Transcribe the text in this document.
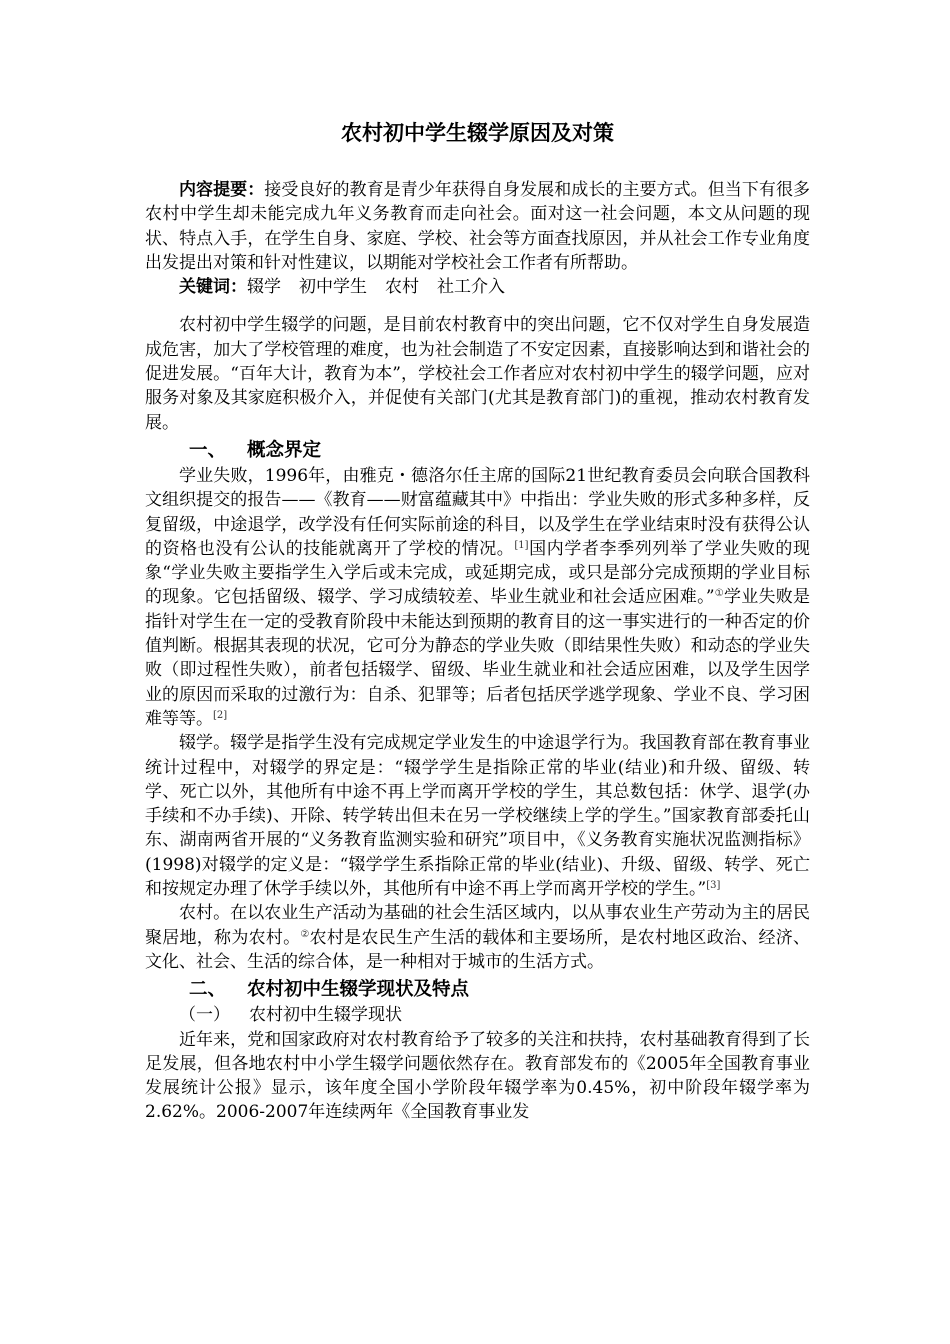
农村初中学生辍学原因及对策

内容提要：接受良好的教育是青少年获得自身发展和成长的主要方式。但当下有很多农村中学生却未能完成九年义务教育而走向社会。面对这一社会问题，本文从问题的现状、特点入手，在学生自身、家庭、学校、社会等方面查找原因，并从社会工作专业角度出发提出对策和针对性建议，以期能对学校社会工作者有所帮助。

关键词：辍学 初中学生 农村 社工介入

农村初中学生辍学的问题，是目前农村教育中的突出问题，它不仅对学生自身发展造成危害，加大了学校管理的难度，也为社会制造了不安定因素，直接影响达到和谐社会的促进发展。“百年大计，教育为本”，学校社会工作者应对农村初中学生的辍学问题，应对服务对象及其家庭积极介入，并促使有关部门(尤其是教育部门)的重视，推动农村教育发展。

一、 概念界定

学业失败，1996年，由雅克・德洛尔任主席的国际21世纪教育委员会向联合国教科文组织提交的报告——《教育——财富蕴藏其中》中指出：学业失败的形式多种多样，反复留级，中途退学，改学没有任何实际前途的科目，以及学生在学业结束时没有获得公认的资格也没有公认的技能就离开了学校的情况。[1]国内学者李季列列举了学业失败的现象“学业失败主要指学生入学后或未完成，或延期完成，或只是部分完成预期的学业目标的现象。它包括留级、辍学、学习成绩较差、毕业生就业和社会适应困难。”①学业失败是指针对学生在一定的受教育阶段中未能达到预期的教育目的这一事实进行的一种否定的价值判断。根据其表现的状况，它可分为静态的学业失败（即结果性失败）和动态的学业失败（即过程性失败），前者包括辍学、留级、毕业生就业和社会适应困难，以及学生因学业的原因而采取的过激行为：自杀、犯罪等；后者包括厌学逃学现象、学业不良、学习困难等等。[2]

辍学。辍学是指学生没有完成规定学业发生的中途退学行为。我国教育部在教育事业统计过程中，对辍学的界定是：“辍学学生是指除正常的毕业(结业)和升级、留级、转学、死亡以外，其他所有中途不再上学而离开学校的学生，其总数包括：休学、退学(办手续和不办手续)、开除、转学转出但未在另一学校继续上学的学生。”国家教育部委托山东、湖南两省开展的“义务教育监测实验和研究”项目中，《义务教育实施状况监测指标》(1998)对辍学的定义是：“辍学学生系指除正常的毕业(结业)、升级、留级、转学、死亡和按规定办理了休学手续以外，其他所有中途不再上学而离开学校的学生。”[3]

农村。在以农业生产活动为基础的社会生活区域内，以从事农业生产劳动为主的居民聚居地，称为农村。②农村是农民生产生活的载体和主要场所，是农村地区政治、经济、文化、社会、生活的综合体，是一种相对于城市的生活方式。

二、 农村初中生辍学现状及特点
（一） 农村初中生辍学现状

近年来，党和国家政府对农村教育给予了较多的关注和扶持，农村基础教育得到了长足发展，但各地农村中小学生辍学问题依然存在。教育部发布的《2005年全国教育事业发展统计公报》显示，该年度全国小学阶段年辍学率为0.45%，初中阶段年辍学率为2.62%。2006-2007年连续两年《全国教育事业发
